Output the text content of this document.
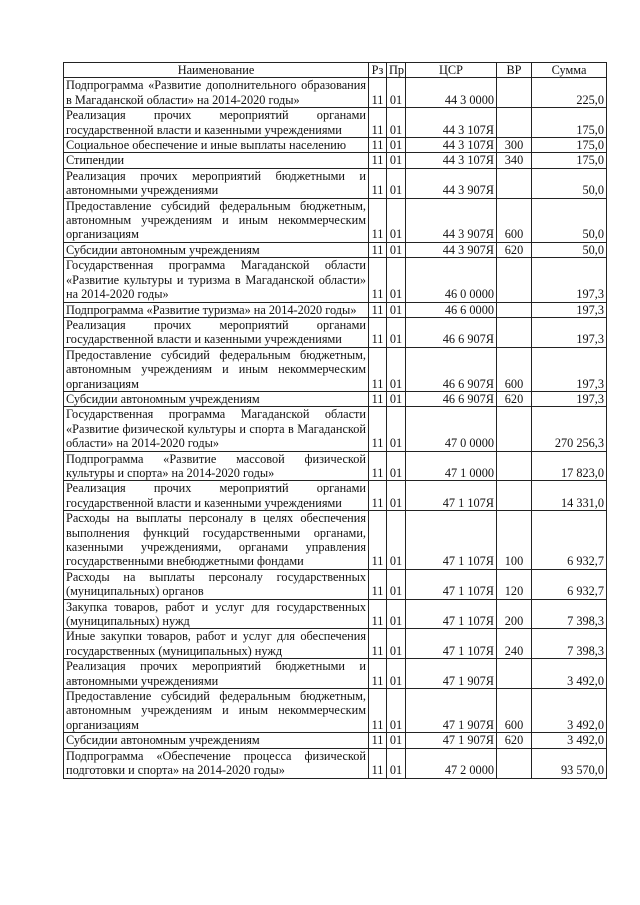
Наименование	Рз	Пр	ЦСР	ВР	Сумма
Подпрограмма «Развитие дополнительного образования в Магаданской области» на 2014-2020 годы»	11	01	44 3 0000		225,0
Реализация прочих мероприятий органами государственной власти и казенными учреждениями	11	01	44 3 107Я		175,0
Социальное обеспечение и иные выплаты населению	11	01	44 3 107Я	300	175,0
Стипендии	11	01	44 3 107Я	340	175,0
Реализация прочих мероприятий бюджетными и автономными учреждениями	11	01	44 3 907Я		50,0
Предоставление субсидий федеральным бюджетным, автономным учреждениям и иным некоммерческим организациям	11	01	44 3 907Я	600	50,0
Субсидии автономным учреждениям	11	01	44 3 907Я	620	50,0
Государственная программа Магаданской области «Развитие культуры и туризма в Магаданской области» на 2014-2020 годы»	11	01	46 0 0000		197,3
Подпрограмма «Развитие туризма» на 2014-2020 годы»	11	01	46 6 0000		197,3
Реализация прочих мероприятий органами государственной власти и казенными учреждениями	11	01	46 6 907Я		197,3
Предоставление субсидий федеральным бюджетным, автономным учреждениям и иным некоммерческим организациям	11	01	46 6 907Я	600	197,3
Субсидии автономным учреждениям	11	01	46 6 907Я	620	197,3
Государственная программа Магаданской области «Развитие физической культуры и спорта в Магаданской области» на 2014-2020 годы»	11	01	47 0 0000		270 256,3
Подпрограмма «Развитие массовой физической культуры и спорта» на 2014-2020 годы»	11	01	47 1 0000		17 823,0
Реализация прочих мероприятий органами государственной власти и казенными учреждениями	11	01	47 1 107Я		14 331,0
Расходы на выплаты персоналу в целях обеспечения выполнения функций государственными органами, казенными учреждениями, органами управления государственными внебюджетными фондами	11	01	47 1 107Я	100	6 932,7
Расходы на выплаты персоналу государственных (муниципальных) органов	11	01	47 1 107Я	120	6 932,7
Закупка товаров, работ и услуг для государственных (муниципальных) нужд	11	01	47 1 107Я	200	7 398,3
Иные закупки товаров, работ и услуг для обеспечения государственных (муниципальных) нужд	11	01	47 1 107Я	240	7 398,3
Реализация прочих мероприятий бюджетными и автономными учреждениями	11	01	47 1 907Я		3 492,0
Предоставление субсидий федеральным бюджетным, автономным учреждениям и иным некоммерческим организациям	11	01	47 1 907Я	600	3 492,0
Субсидии автономным учреждениям	11	01	47 1 907Я	620	3 492,0
Подпрограмма «Обеспечение процесса физической подготовки и спорта» на 2014-2020 годы»	11	01	47 2 0000		93 570,0
